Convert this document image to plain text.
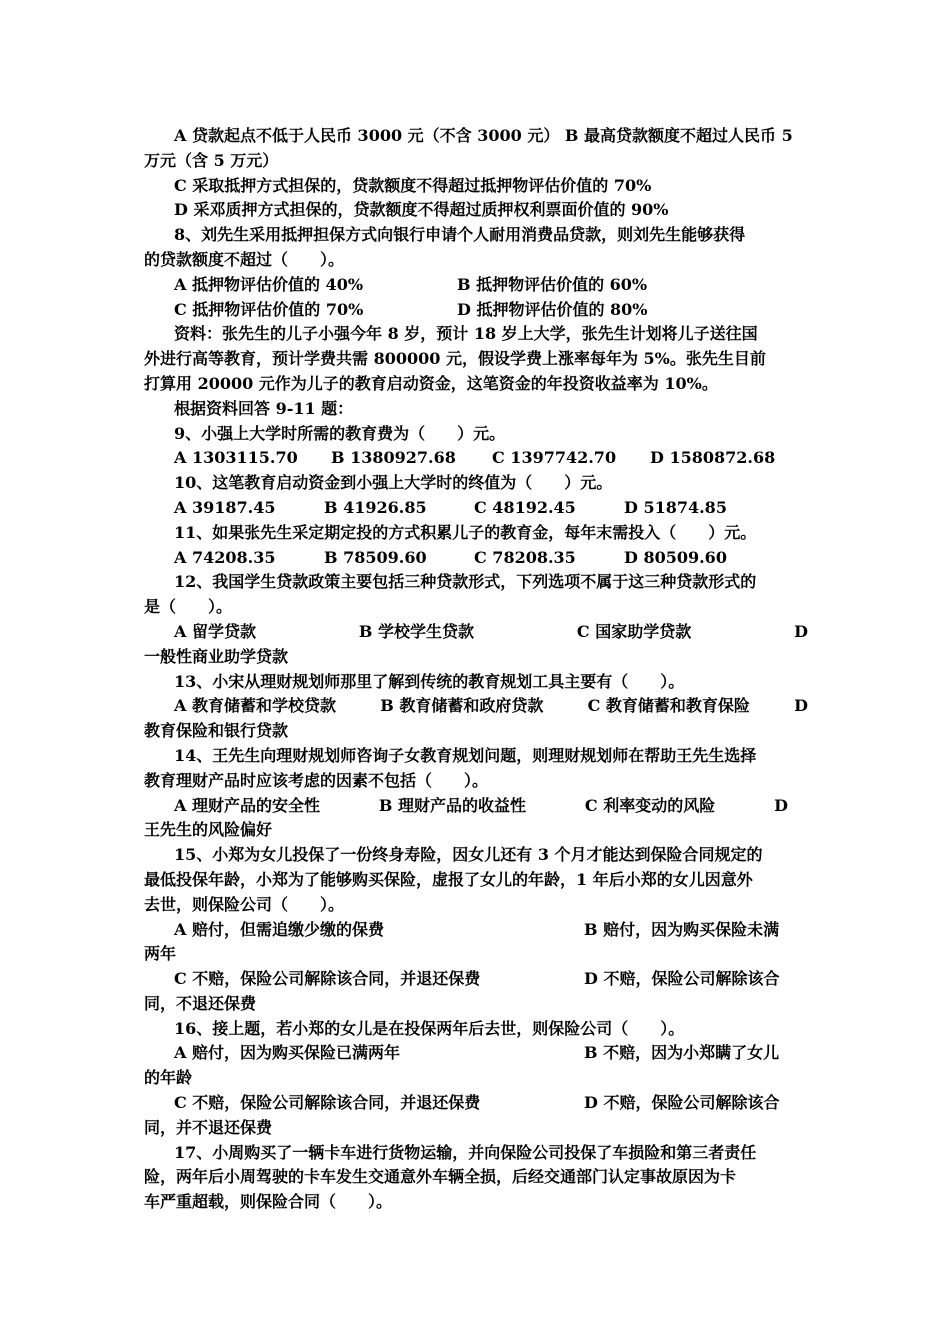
A 贷款起点不低于人民币 3000 元（不含 3000 元） B 最高贷款额度不超过人民币 5
万元（含 5 万元）
C 采取抵押方式担保的，贷款额度不得超过抵押物评估价值的 70%
D 采邓质押方式担保的，贷款额度不得超过质押权利票面价值的 90%
8、刘先生采用抵押担保方式向银行申请个人耐用消费品贷款，则刘先生能够获得
的贷款额度不超过（　　）。
A 抵押物评估价值的 40%	B 抵押物评估价值的 60%
C 抵押物评估价值的 70%	D 抵押物评估价值的 80%
资料：张先生的儿子小强今年 8 岁，预计 18 岁上大学，张先生计划将儿子送往国
外进行高等教育，预计学费共需 800000 元，假设学费上涨率每年为 5%。张先生目前
打算用 20000 元作为儿子的教育启动资金，这笔资金的年投资收益率为 10%。
根据资料回答 9-11 题：
9、小强上大学时所需的教育费为（　　）元。
A 1303115.70	B 1380927.68	C 1397742.70	D 1580872.68
10、这笔教育启动资金到小强上大学时的终值为（　　）元。
A 39187.45	B 41926.85	C 48192.45	D 51874.85
11、如果张先生采定期定投的方式积累儿子的教育金，每年末需投入（　　）元。
A 74208.35	B 78509.60	C 78208.35	D 80509.60
12、我国学生贷款政策主要包括三种贷款形式，下列选项不属于这三种贷款形式的
是（　　）。
A 留学贷款	B 学校学生贷款	C 国家助学贷款	D
一般性商业助学贷款
13、小宋从理财规划师那里了解到传统的教育规划工具主要有（　　）。
A 教育储蓄和学校贷款	B 教育储蓄和政府贷款	C 教育储蓄和教育保险	D
教育保险和银行贷款
14、王先生向理财规划师咨询子女教育规划问题，则理财规划师在帮助王先生选择
教育理财产品时应该考虑的因素不包括（　　）。
A 理财产品的安全性	B 理财产品的收益性	C 利率变动的风险	D
王先生的风险偏好
15、小郑为女儿投保了一份终身寿险，因女儿还有 3 个月才能达到保险合同规定的
最低投保年龄，小郑为了能够购买保险，虚报了女儿的年龄，1 年后小郑的女儿因意外
去世，则保险公司（　　）。
A 赔付，但需追缴少缴的保费	B 赔付，因为购买保险未满
两年
C 不赔，保险公司解除该合同，并退还保费	D 不赔，保险公司解除该合
同，不退还保费
16、接上题，若小郑的女儿是在投保两年后去世，则保险公司（　　）。
A 赔付，因为购买保险已满两年	B 不赔，因为小郑瞒了女儿
的年龄
C 不赔，保险公司解除该合同，并退还保费	D 不赔，保险公司解除该合
同，并不退还保费
17、小周购买了一辆卡车进行货物运输，并向保险公司投保了车损险和第三者责任
险，两年后小周驾驶的卡车发生交通意外车辆全损，后经交通部门认定事故原因为卡
车严重超载，则保险合同（　　）。
